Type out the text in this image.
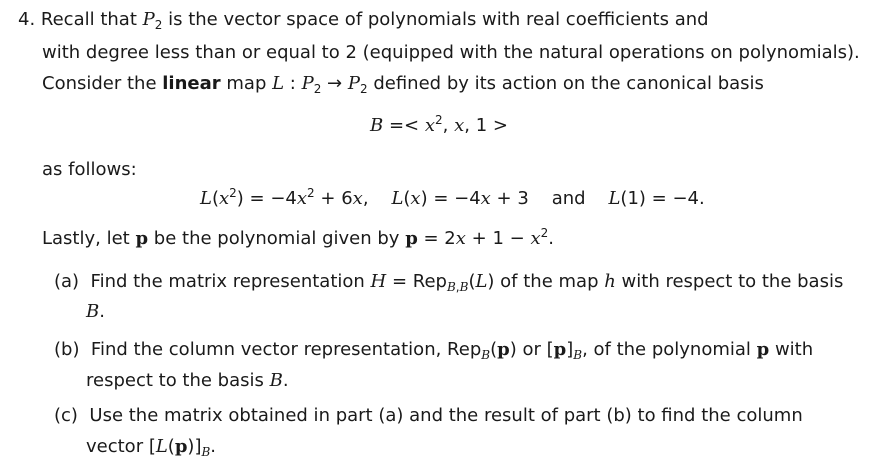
4. Recall that $P_2$ is the vector space of polynomials with real coefficients and
with degree less than or equal to 2 (equipped with the natural operations on polynomials).
Consider the linear map L : $P_2 \to P_2$ defined by its action on the canonical basis
$B =< x^2$, x, 1 >
as follows:
$L(x^2) = -4x^2 + 6x$, L(x) = −4x + 3 and L(1) = −4.
Lastly, let p be the polynomial given by $p = 2x + 1 - x^2$.
(a)  Find the matrix representation H = Rep$_{B,B}$(L) of the map h with respect to the basis
B.
(b)  Find the column vector representation, Rep$_B$(p) or $[p]_B$, of the polynomial p with
respect to the basis B.
(c)  Use the matrix obtained in part (a) and the result of part (b) to find the column
vector $[L(p)]_B$.
